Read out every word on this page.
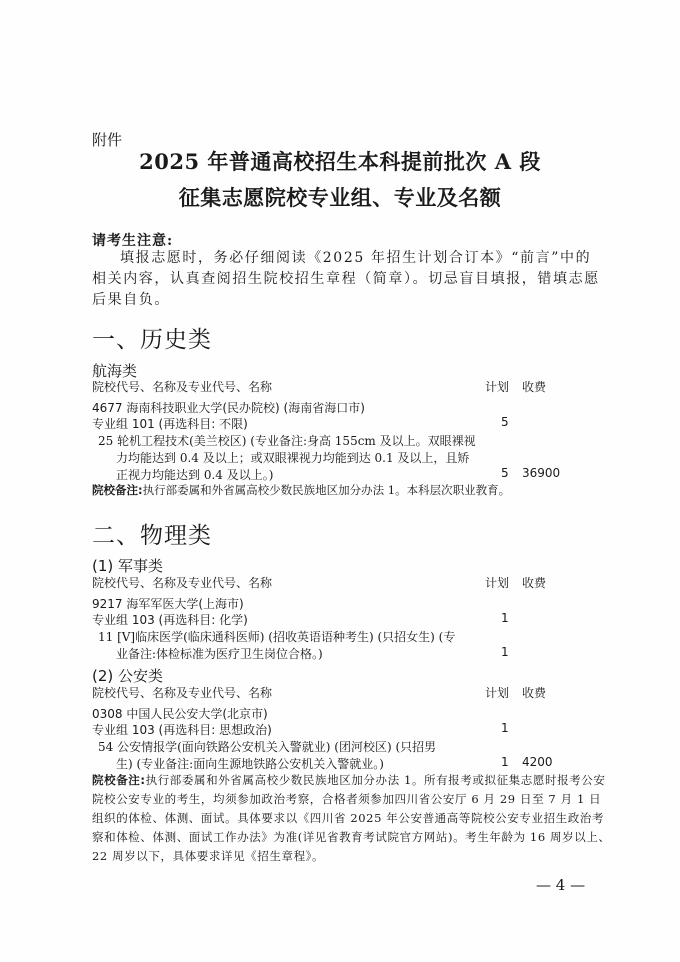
附件
2025 年普通高校招生本科提前批次 A 段
征集志愿院校专业组、专业及名额
请考生注意:
填报志愿时，务必仔细阅读《2025 年招生计划合订本》“前言”中的相关内容，认真查阅招生院校招生章程（简章）。切忌盲目填报，错填志愿后果自负。
一、历史类
航海类
院校代号、名称及专业代号、名称	计划 收费
4677 海南科技职业大学(民办院校) (海南省海口市)
专业组 101 (再选科目: 不限)	5
25 轮机工程技术(美兰校区) (专业备注:身高 155cm 及以上。双眼裸视
力均能达到 0.4 及以上；或双眼裸视力均能到达 0.1 及以上，且矫
正视力均能达到 0.4 及以上。)	5 36900
院校备注:执行部委属和外省属高校少数民族地区加分办法 1。本科层次职业教育。
二、物理类
(1) 军事类
院校代号、名称及专业代号、名称	计划 收费
9217 海军军医大学(上海市)
专业组 103 (再选科目: 化学)	1
11 [V]临床医学(临床通科医师) (招收英语语种考生) (只招女生) (专
业备注:体检标准为医疗卫生岗位合格。)	1
(2) 公安类
院校代号、名称及专业代号、名称	计划 收费
0308 中国人民公安大学(北京市)
专业组 103 (再选科目: 思想政治)	1
54 公安情报学(面向铁路公安机关入警就业) (团河校区) (只招男
生) (专业备注:面向生源地铁路公安机关入警就业。)	1 4200
院校备注:执行部委属和外省属高校少数民族地区加分办法 1。所有报考或拟征集志愿时报考公安院校公安专业的考生，均须参加政治考察，合格者须参加四川省公安厅 6 月 29 日至 7 月 1 日组织的体检、体测、面试。具体要求以《四川省 2025 年公安普通高等院校公安专业招生政治考察和体检、体测、面试工作办法》为准(详见省教育考试院官方网站)。考生年龄为 16 周岁以上、22 周岁以下，具体要求详见《招生章程》。
— 4 —
